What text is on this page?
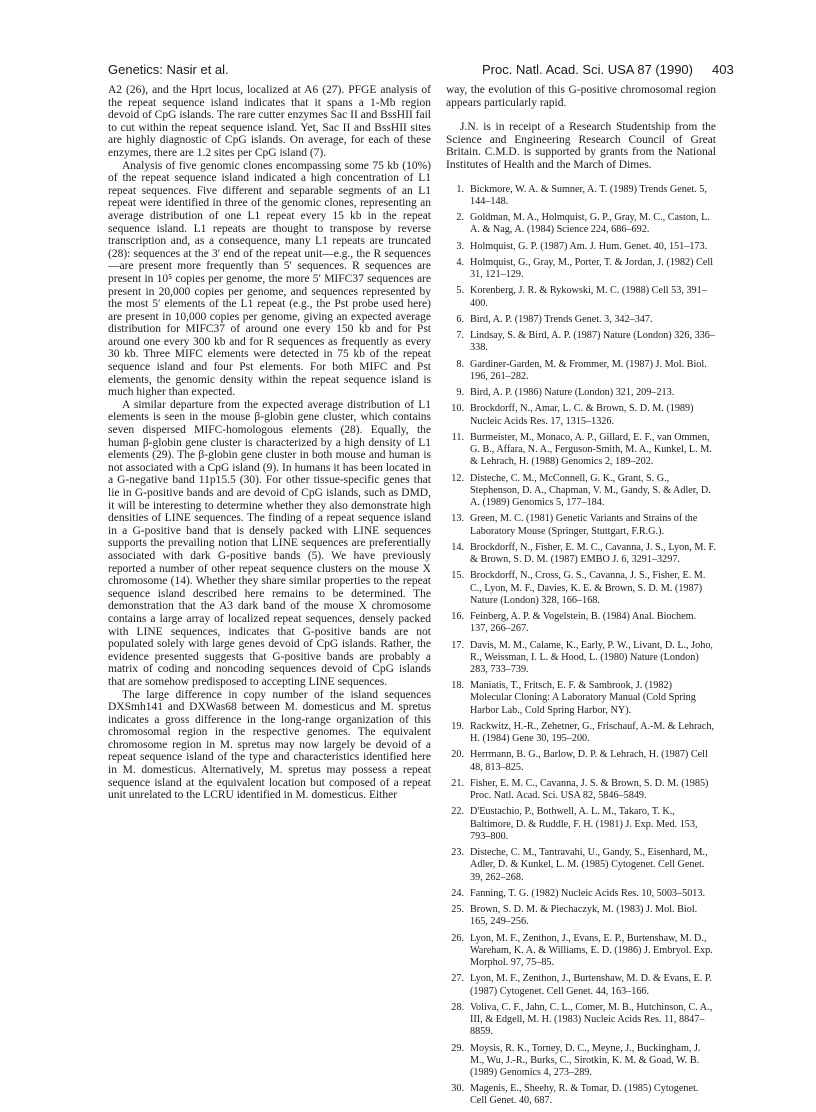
Genetics: Nasir et al.	Proc. Natl. Acad. Sci. USA 87 (1990) 403

A2 (26), and the Hprt locus, localized at A6 (27). PFGE analysis of the repeat sequence island indicates that it spans a 1-Mb region devoid of CpG islands. The rare cutter enzymes Sac II and BssHII fail to cut within the repeat sequence island. Yet, Sac II and BssHII sites are highly diagnostic of CpG islands. On average, for each of these enzymes, there are 1.2 sites per CpG island (7).

Analysis of five genomic clones encompassing some 75 kb (10%) of the repeat sequence island indicated a high concentration of L1 repeat sequences. Five different and separable segments of an L1 repeat were identified in three of the genomic clones, representing an average distribution of one L1 repeat every 15 kb in the repeat sequence island. L1 repeats are thought to transpose by reverse transcription and, as a consequence, many L1 repeats are truncated (28): sequences at the 3′ end of the repeat unit—e.g., the R sequences—are present more frequently than 5′ sequences. R sequences are present in 10⁵ copies per genome, the more 5′ MIFC37 sequences are present in 20,000 copies per genome, and sequences represented by the most 5′ elements of the L1 repeat (e.g., the Pst probe used here) are present in 10,000 copies per genome, giving an expected average distribution for MIFC37 of around one every 150 kb and for Pst around one every 300 kb and for R sequences as frequently as every 30 kb. Three MIFC elements were detected in 75 kb of the repeat sequence island and four Pst elements. For both MIFC and Pst elements, the genomic density within the repeat sequence island is much higher than expected.

A similar departure from the expected average distribution of L1 elements is seen in the mouse β-globin gene cluster, which contains seven dispersed MIFC-homologous elements (28). Equally, the human β-globin gene cluster is characterized by a high density of L1 elements (29). The β-globin gene cluster in both mouse and human is not associated with a CpG island (9). In humans it has been located in a G-negative band 11p15.5 (30). For other tissue-specific genes that lie in G-positive bands and are devoid of CpG islands, such as DMD, it will be interesting to determine whether they also demonstrate high densities of LINE sequences. The finding of a repeat sequence island in a G-positive band that is densely packed with LINE sequences supports the prevailing notion that LINE sequences are preferentially associated with dark G-positive bands (5). We have previously reported a number of other repeat sequence clusters on the mouse X chromosome (14). Whether they share similar properties to the repeat sequence island described here remains to be determined. The demonstration that the A3 dark band of the mouse X chromosome contains a large array of localized repeat sequences, densely packed with LINE sequences, indicates that G-positive bands are not populated solely with large genes devoid of CpG islands. Rather, the evidence presented suggests that G-positive bands are probably a matrix of coding and noncoding sequences devoid of CpG islands that are somehow predisposed to accepting LINE sequences.

The large difference in copy number of the island sequences DXSmh141 and DXWas68 between M. domesticus and M. spretus indicates a gross difference in the long-range organization of this chromosomal region in the respective genomes. The equivalent chromosome region in M. spretus may now largely be devoid of a repeat sequence island of the type and characteristics identified here in M. domesticus. Alternatively, M. spretus may possess a repeat sequence island at the equivalent location but composed of a repeat unit unrelated to the LCRU identified in M. domesticus. Either

way, the evolution of this G-positive chromosomal region appears particularly rapid.

J.N. is in receipt of a Research Studentship from the Science and Engineering Research Council of Great Britain. C.M.D. is supported by grants from the National Institutes of Health and the March of Dimes.

1. Bickmore, W. A. & Sumner, A. T. (1989) Trends Genet. 5, 144–148.
2. Goldman, M. A., Holmquist, G. P., Gray, M. C., Caston, L. A. & Nag, A. (1984) Science 224, 686–692.
3. Holmquist, G. P. (1987) Am. J. Hum. Genet. 40, 151–173.
4. Holmquist, G., Gray, M., Porter, T. & Jordan, J. (1982) Cell 31, 121–129.
5. Korenberg, J. R. & Rykowski, M. C. (1988) Cell 53, 391–400.
6. Bird, A. P. (1987) Trends Genet. 3, 342–347.
7. Lindsay, S. & Bird, A. P. (1987) Nature (London) 326, 336–338.
8. Gardiner-Garden, M. & Frommer, M. (1987) J. Mol. Biol. 196, 261–282.
9. Bird, A. P. (1986) Nature (London) 321, 209–213.
10. Brockdorff, N., Amar, L. C. & Brown, S. D. M. (1989) Nucleic Acids Res. 17, 1315–1326.
11. Burmeister, M., Monaco, A. P., Gillard, E. F., van Ommen, G. B., Affara, N. A., Ferguson-Smith, M. A., Kunkel, L. M. & Lehrach, H. (1988) Genomics 2, 189–202.
12. Disteche, C. M., McConnell, G. K., Grant, S. G., Stephenson, D. A., Chapman, V. M., Gandy, S. & Adler, D. A. (1989) Genomics 5, 177–184.
13. Green, M. C. (1981) Genetic Variants and Strains of the Laboratory Mouse (Springer, Stuttgart, F.R.G.).
14. Brockdorff, N., Fisher, E. M. C., Cavanna, J. S., Lyon, M. F. & Brown, S. D. M. (1987) EMBO J. 6, 3291–3297.
15. Brockdorff, N., Cross, G. S., Cavanna, J. S., Fisher, E. M. C., Lyon, M. F., Davies, K. E. & Brown, S. D. M. (1987) Nature (London) 328, 166–168.
16. Feinberg, A. P. & Vogelstein, B. (1984) Anal. Biochem. 137, 266–267.
17. Davis, M. M., Calame, K., Early, P. W., Livant, D. L., Joho, R., Weissman, I. L. & Hood, L. (1980) Nature (London) 283, 733–739.
18. Maniatis, T., Fritsch, E. F. & Sambrook, J. (1982) Molecular Cloning: A Laboratory Manual (Cold Spring Harbor Lab., Cold Spring Harbor, NY).
19. Rackwitz, H.-R., Zehetner, G., Frischauf, A.-M. & Lehrach, H. (1984) Gene 30, 195–200.
20. Herrmann, B. G., Barlow, D. P. & Lehrach, H. (1987) Cell 48, 813–825.
21. Fisher, E. M. C., Cavanna, J. S. & Brown, S. D. M. (1985) Proc. Natl. Acad. Sci. USA 82, 5846–5849.
22. D'Eustachio, P., Bothwell, A. L. M., Takaro, T. K., Baltimore, D. & Ruddle, F. H. (1981) J. Exp. Med. 153, 793–800.
23. Disteche, C. M., Tantravahi, U., Gandy, S., Eisenhard, M., Adler, D. & Kunkel, L. M. (1985) Cytogenet. Cell Genet. 39, 262–268.
24. Fanning, T. G. (1982) Nucleic Acids Res. 10, 5003–5013.
25. Brown, S. D. M. & Piechaczyk, M. (1983) J. Mol. Biol. 165, 249–256.
26. Lyon, M. F., Zenthon, J., Evans, E. P., Burtenshaw, M. D., Wareham, K. A. & Williams, E. D. (1986) J. Embryol. Exp. Morphol. 97, 75–85.
27. Lyon, M. F., Zenthon, J., Burtenshaw, M. D. & Evans, E. P. (1987) Cytogenet. Cell Genet. 44, 163–166.
28. Voliva, C. F., Jahn, C. L., Comer, M. B., Hutchinson, C. A., III, & Edgell, M. H. (1983) Nucleic Acids Res. 11, 8847–8859.
29. Moysis, R. K., Torney, D. C., Meyne, J., Buckingham, J. M., Wu, J.-R., Burks, C., Sirotkin, K. M. & Goad, W. B. (1989) Genomics 4, 273–289.
30. Magenis, E., Sheehy, R. & Tomar, D. (1985) Cytogenet. Cell Genet. 40, 687.
